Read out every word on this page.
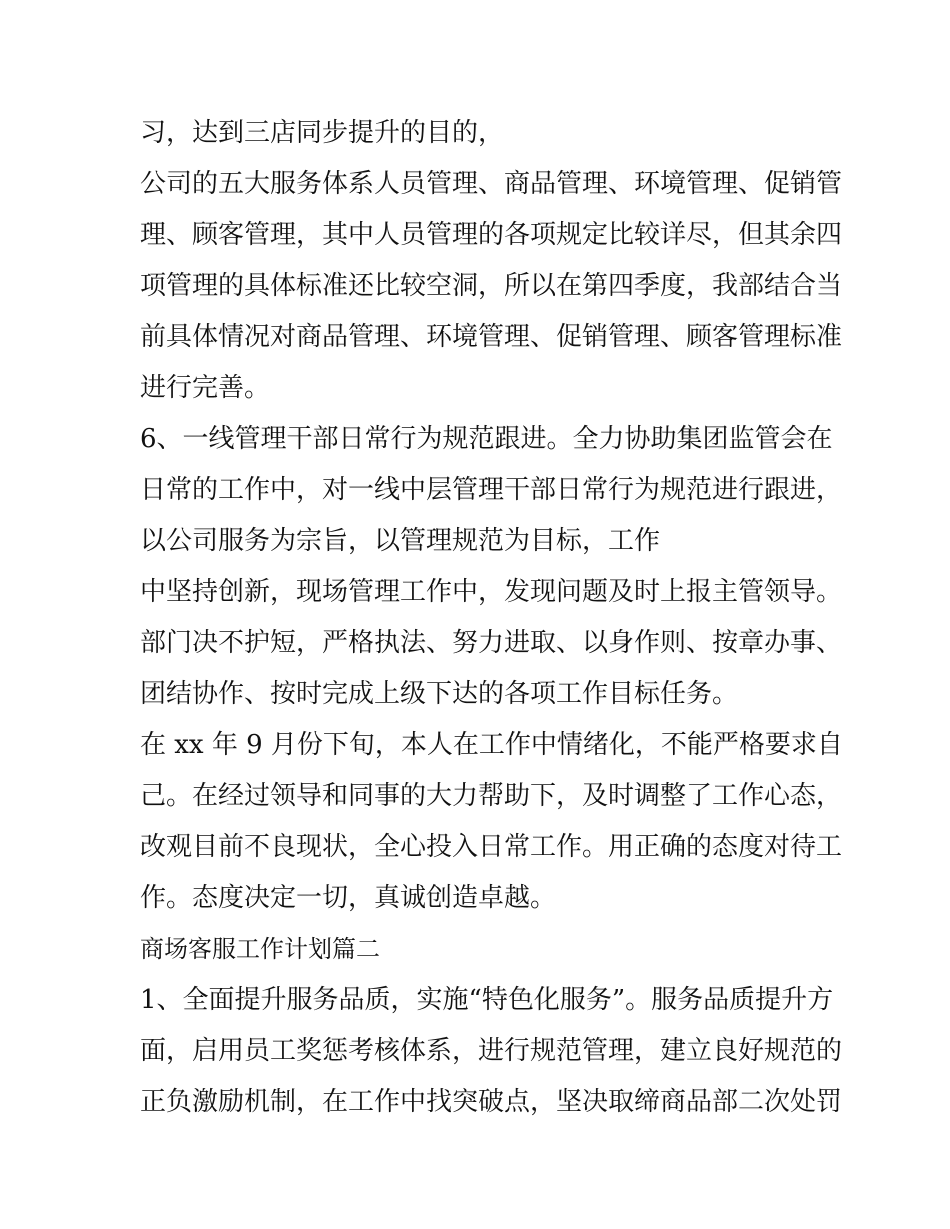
习，达到三店同步提升的目的，
公司的五大服务体系人员管理、商品管理、环境管理、促销管
理、顾客管理，其中人员管理的各项规定比较详尽，但其余四
项管理的具体标准还比较空洞，所以在第四季度，我部结合当
前具体情况对商品管理、环境管理、促销管理、顾客管理标准
进行完善。
6、一线管理干部日常行为规范跟进。全力协助集团监管会在
日常的工作中，对一线中层管理干部日常行为规范进行跟进，
以公司服务为宗旨，以管理规范为目标，工作
中坚持创新，现场管理工作中，发现问题及时上报主管领导。
部门决不护短，严格执法、努力进取、以身作则、按章办事、
团结协作、按时完成上级下达的各项工作目标任务。
在 xx 年 9 月份下旬，本人在工作中情绪化，不能严格要求自
己。在经过领导和同事的大力帮助下，及时调整了工作心态，
改观目前不良现状，全心投入日常工作。用正确的态度对待工
作。态度决定一切，真诚创造卓越。
商场客服工作计划篇二
1、全面提升服务品质，实施“特色化服务”。服务品质提升方
面，启用员工奖惩考核体系，进行规范管理，建立良好规范的
正负激励机制，在工作中找突破点，坚决取缔商品部二次处罚
